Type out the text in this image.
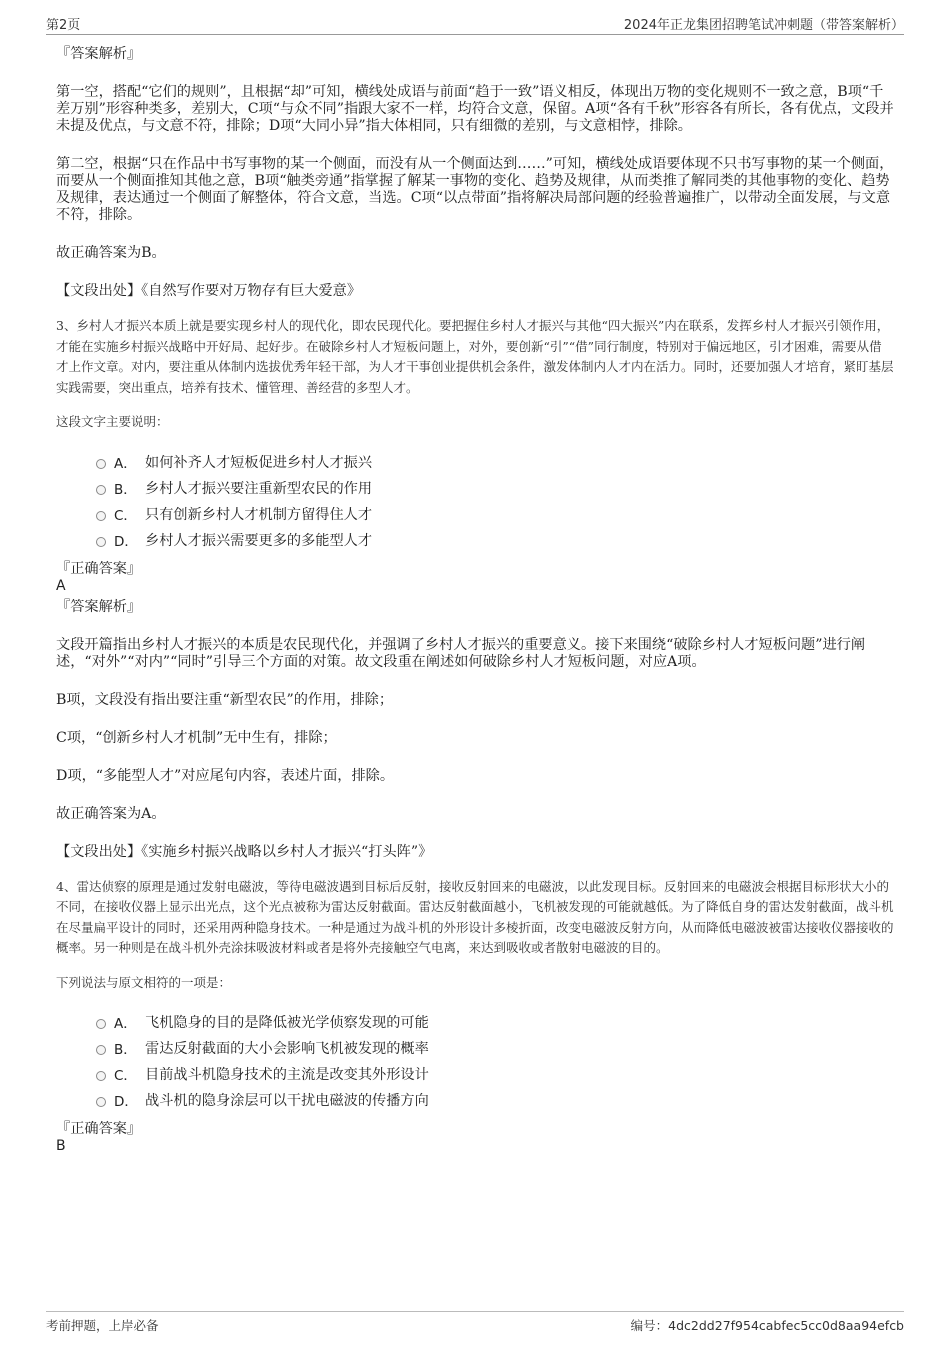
第2页	2024年正龙集团招聘笔试冲刺题（带答案解析）

『答案解析』

第一空，搭配“它们的规则”，且根据“却”可知，横线处成语与前面“趋于一致”语义相反，体现出万物的变化规则不一致之意，B项“千差万别”形容种类多，差别大，C项“与众不同”指跟大家不一样，均符合文意，保留。A项“各有千秋”形容各有所长，各有优点，文段并未提及优点，与文意不符，排除；D项“大同小异”指大体相同，只有细微的差别，与文意相悖，排除。

第二空，根据“只在作品中书写事物的某一个侧面，而没有从一个侧面达到……”可知，横线处成语要体现不只书写事物的某一个侧面，而要从一个侧面推知其他之意，B项“触类旁通”指掌握了解某一事物的变化、趋势及规律，从而类推了解同类的其他事物的变化、趋势及规律，表达通过一个侧面了解整体，符合文意，当选。C项“以点带面”指将解决局部问题的经验普遍推广，以带动全面发展，与文意不符，排除。

故正确答案为B。

【文段出处】《自然写作要对万物存有巨大爱意》

3、乡村人才振兴本质上就是要实现乡村人的现代化，即农民现代化。要把握住乡村人才振兴与其他“四大振兴”内在联系，发挥乡村人才振兴引领作用，才能在实施乡村振兴战略中开好局、起好步。在破除乡村人才短板问题上，对外，要创新“引”“借”同行制度，特别对于偏远地区，引才困难，需要从借才上作文章。对内，要注重从体制内选拔优秀年轻干部，为人才干事创业提供机会条件，激发体制内人才内在活力。同时，还要加强人才培育，紧盯基层实践需要，突出重点，培养有技术、懂管理、善经营的多型人才。

这段文字主要说明：

A． 如何补齐人才短板促进乡村人才振兴
B． 乡村人才振兴要注重新型农民的作用
C． 只有创新乡村人才机制方留得住人才
D． 乡村人才振兴需要更多的多能型人才

『正确答案』

A

『答案解析』

文段开篇指出乡村人才振兴的本质是农民现代化，并强调了乡村人才振兴的重要意义。接下来围绕“破除乡村人才短板问题”进行阐述，“对外”“对内”“同时”引导三个方面的对策。故文段重在阐述如何破除乡村人才短板问题，对应A项。

B项，文段没有指出要注重“新型农民”的作用，排除；

C项，“创新乡村人才机制”无中生有，排除；

D项，“多能型人才”对应尾句内容，表述片面，排除。

故正确答案为A。

【文段出处】《实施乡村振兴战略以乡村人才振兴“打头阵”》

4、雷达侦察的原理是通过发射电磁波，等待电磁波遇到目标后反射，接收反射回来的电磁波，以此发现目标。反射回来的电磁波会根据目标形状大小的不同，在接收仪器上显示出光点，这个光点被称为雷达反射截面。雷达反射截面越小，飞机被发现的可能就越低。为了降低自身的雷达发射截面，战斗机在尽量扁平设计的同时，还采用两种隐身技术。一种是通过为战斗机的外形设计多棱折面，改变电磁波反射方向，从而降低电磁波被雷达接收仪器接收的概率。另一种则是在战斗机外壳涂抹吸波材料或者是将外壳接触空气电离，来达到吸收或者散射电磁波的目的。

下列说法与原文相符的一项是：

A． 飞机隐身的目的是降低被光学侦察发现的可能
B． 雷达反射截面的大小会影响飞机被发现的概率
C． 目前战斗机隐身技术的主流是改变其外形设计
D． 战斗机的隐身涂层可以干扰电磁波的传播方向

『正确答案』

B

考前押题，上岸必备	编号：4dc2dd27f954cabfec5cc0d8aa94efcb
